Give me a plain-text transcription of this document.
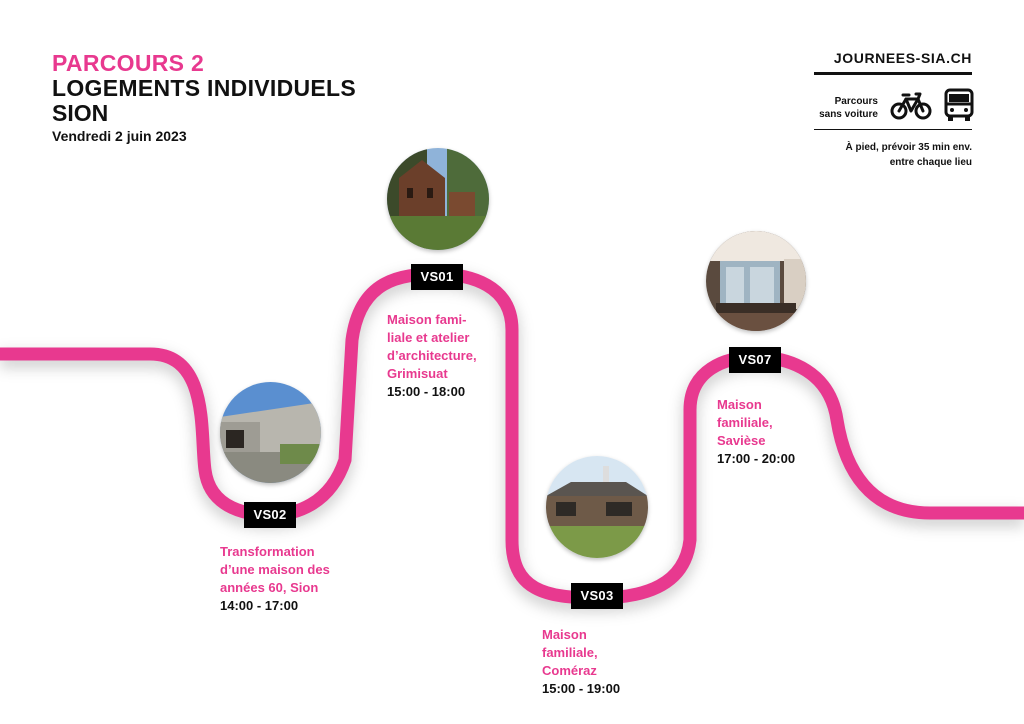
PARCOURS 2
LOGEMENTS INDIVIDUELS
SION
Vendredi 2 juin 2023
JOURNEES-SIA.CH
Parcours
sans voiture
À pied, prévoir 35 min env.
entre chaque lieu
VS01
VS02
VS03
VS07
Transformation
d’une maison des
années 60, Sion
14:00 - 17:00
Maison fami-
liale et atelier
d’architecture,
Grimisuat
15:00 - 18:00
Maison
familiale,
Coméraz
15:00 - 19:00
Maison
familiale,
Savièse
17:00 - 20:00
